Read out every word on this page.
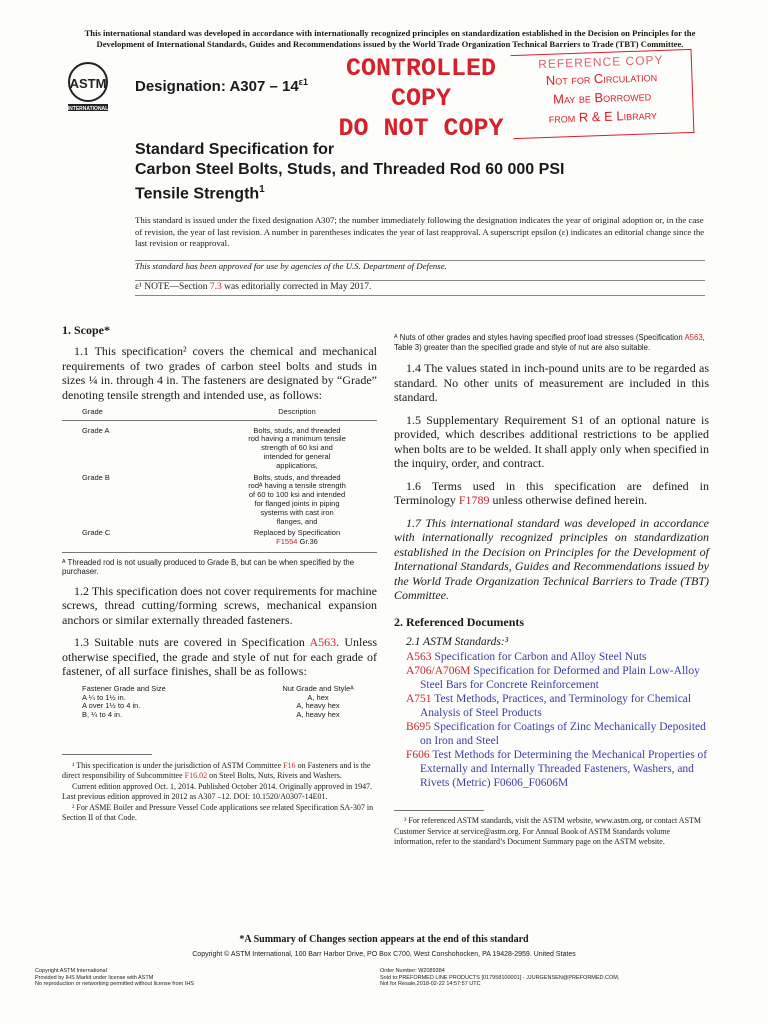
This international standard was developed in accordance with internationally recognized principles on standardization established in the Decision on Principles for the Development of International Standards, Guides and Recommendations issued by the World Trade Organization Technical Barriers to Trade (TBT) Committee.
ASTM
INTERNATIONAL
Designation: $A307 - 14^{\varepsilon 1}$	CONTROLLED
COPY
DO NOT COPY
REFERENCE COPY
Not for Circulation
May be Borrowed
from R & E Library
Standard Specification for
Carbon Steel Bolts, Studs, and Threaded Rod 60 000 PSI
Tensile Strength$^1$
This standard is issued under the fixed designation A307; the number immediately following the designation indicates the year of original adoption or, in the case of revision, the year of last revision. A number in parentheses indicates the year of last reapproval. A superscript epsilon (ε) indicates an editorial change since the last revision or reapproval.
This standard has been approved for use by agencies of the U.S. Department of Defense.
ε¹ NOTE—Section 7.3 was editorially corrected in May 2017.
1. Scope*
1.1 This specification² covers the chemical and mechanical requirements of two grades of carbon steel bolts and studs in sizes ¼ in. through 4 in. The fasteners are designated by “Grade” denoting tensile strength and intended use, as follows:
Grade	Description
Grade A	Bolts, studs, and threaded rod having a minimum tensile strength of 60 ksi and intended for general applications,
Grade B	Bolts, studs, and threaded rodᴬ having a tensile strength of 60 to 100 ksi and intended for flanged joints in piping systems with cast iron flanges, and
Grade C	Replaced by Specification
F1554 Gr.36
ᴬ Threaded rod is not usually produced to Grade B, but can be when specified by the purchaser.
1.2 This specification does not cover requirements for machine screws, thread cutting/forming screws, mechanical expansion anchors or similar externally threaded fasteners.
1.3 Suitable nuts are covered in Specification A563. Unless otherwise specified, the grade and style of nut for each grade of fastener, of all surface finishes, shall be as follows:
Fastener Grade and Size	Nut Grade and Styleᴬ
A ¼ to 1½ in.	A, hex
A over 1½ to 4 in.	A, heavy hex
B, ¼ to 4 in.	A, heavy hex
¹ This specification is under the jurisdiction of ASTM Committee F16 on Fasteners and is the direct responsibility of Subcommittee F16.02 on Steel Bolts, Nuts, Rivets and Washers.
Current edition approved Oct. 1, 2014. Published October 2014. Originally approved in 1947. Last previous edition approved in 2012 as A307 –12. DOI: 10.1520/A0307-14E01.
² For ASME Boiler and Pressure Vessel Code applications see related Specification SA-307 in Section II of that Code.
ᴬ Nuts of other grades and styles having specified proof load stresses (Specification A563, Table 3) greater than the specified grade and style of nut are also suitable.
1.4 The values stated in inch-pound units are to be regarded as standard. No other units of measurement are included in this standard.
1.5 Supplementary Requirement S1 of an optional nature is provided, which describes additional restrictions to be applied when bolts are to be welded. It shall apply only when specified in the inquiry, order, and contract.
1.6 Terms used in this specification are defined in Terminology F1789 unless otherwise defined herein.
1.7 This international standard was developed in accordance with internationally recognized principles on standardization established in the Decision on Principles for the Development of International Standards, Guides and Recommendations issued by the World Trade Organization Technical Barriers to Trade (TBT) Committee.
2. Referenced Documents
2.1 ASTM Standards:³
A563 Specification for Carbon and Alloy Steel Nuts
A706/A706M Specification for Deformed and Plain Low-Alloy Steel Bars for Concrete Reinforcement
A751 Test Methods, Practices, and Terminology for Chemical Analysis of Steel Products
B695 Specification for Coatings of Zinc Mechanically Deposited on Iron and Steel
F606 Test Methods for Determining the Mechanical Properties of Externally and Internally Threaded Fasteners, Washers, and Rivets (Metric) F0606_F0606M
³ For referenced ASTM standards, visit the ASTM website, www.astm.org, or contact ASTM Customer Service at service@astm.org. For Annual Book of ASTM Standards volume information, refer to the standard’s Document Summary page on the ASTM website.
*A Summary of Changes section appears at the end of this standard
Copyright © ASTM International, 100 Barr Harbor Drive, PO Box C700, West Conshohocken, PA 19428-2959. United States
Copyright ASTM International
Provided by IHS Markit under license with ASTM
No reproduction or networking permitted without license from IHS
Order Number: W2089384
Sold to:PREFORMED LINE PRODUCTS [017958100001] - JJURGENSEN@PREFORMED.COM,
Not for Resale,2018-02-22 14:57:57 UTC
